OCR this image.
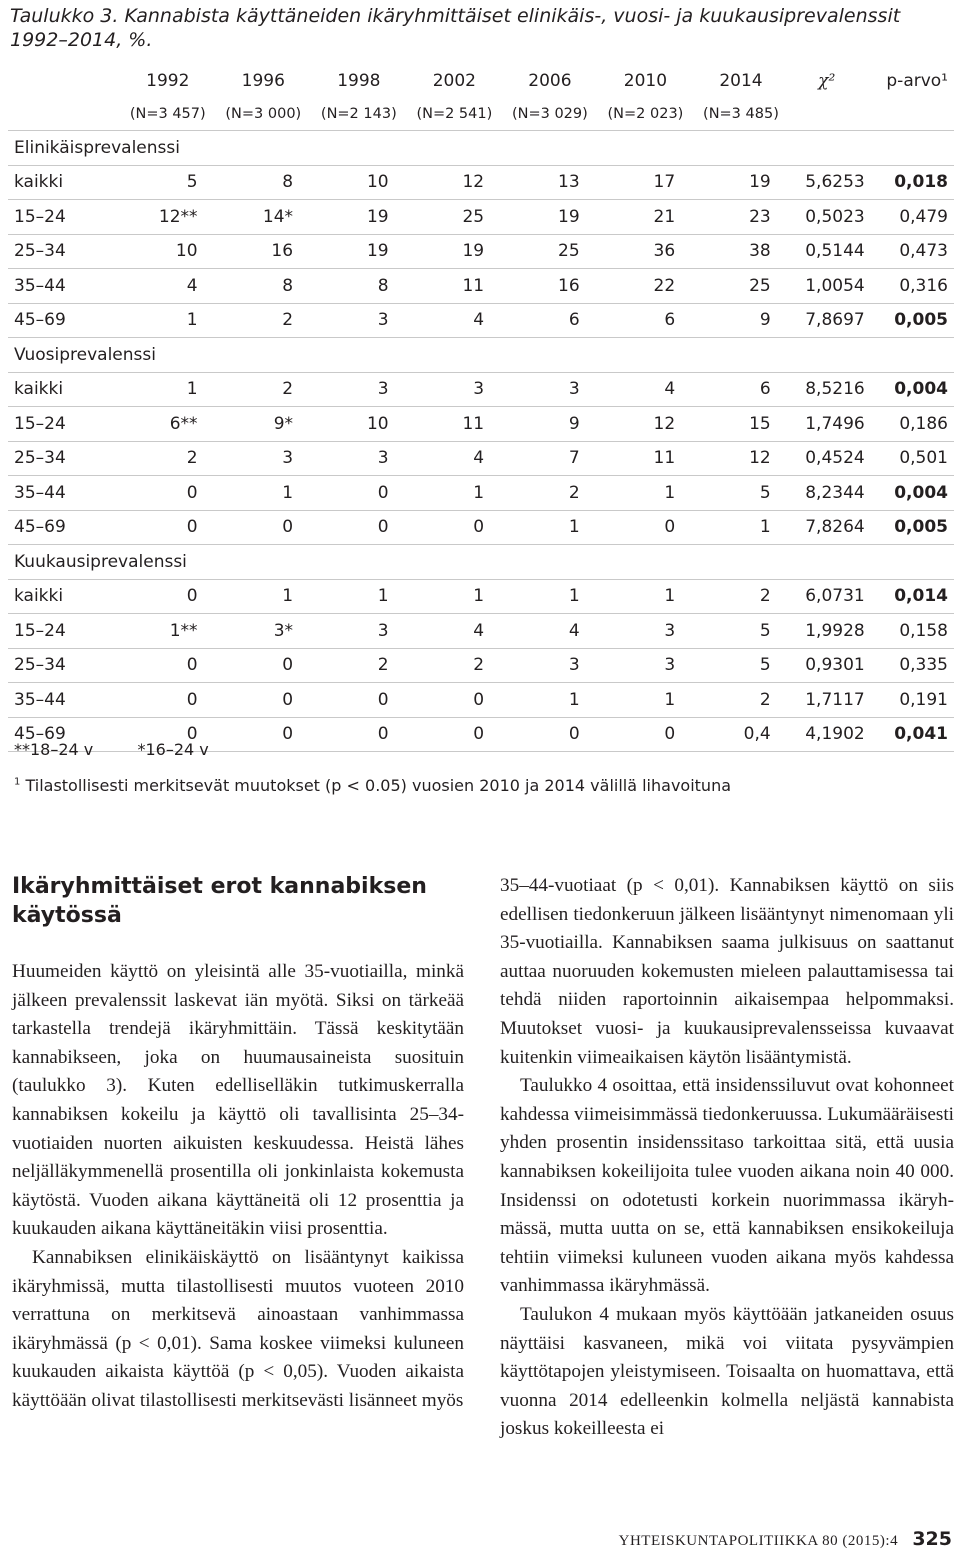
Taulukko 3. Kannabista käyttäneiden ikäryhmittäiset elinikäis-, vuosi- ja kuukausiprevalenssit 1992–2014, %.
	1992	1996	1998	2002	2006	2010	2014	χ²	p-arvo¹
	(N=3 457)	(N=3 000)	(N=2 143)	(N=2 541)	(N=3 029)	(N=2 023)	(N=3 485)		
Elinikäisprevalenssi									
kaikki	5	8	10	12	13	17	19	5,6253	0,018
15–24	12**	14*	19	25	19	21	23	0,5023	0,479
25–34	10	16	19	19	25	36	38	0,5144	0,473
35–44	4	8	8	11	16	22	25	1,0054	0,316
45–69	1	2	3	4	6	6	9	7,8697	0,005
Vuosiprevalenssi									
kaikki	1	2	3	3	3	4	6	8,5216	0,004
15–24	6**	9*	10	11	9	12	15	1,7496	0,186
25–34	2	3	3	4	7	11	12	0,4524	0,501
35–44	0	1	0	1	2	1	5	8,2344	0,004
45–69	0	0	0	0	1	0	1	7,8264	0,005
Kuukausiprevalenssi									
kaikki	0	1	1	1	1	1	2	6,0731	0,014
15–24	1**	3*	3	4	4	3	5	1,9928	0,158
25–34	0	0	2	2	3	3	5	0,9301	0,335
35–44	0	0	0	0	1	1	2	1,7117	0,191
45–69	0	0	0	0	0	0	0,4	4,1902	0,041
**18–24 v	*16–24 v
$^1$ Tilastollisesti merkitsevät muutokset (p < 0.05) vuosien 2010 ja 2014 välillä lihavoituna
Ikäryhmittäiset erot kannabiksen käytössä

Huumeiden käyttö on yleisintä alle 35-vuotiailla, minkä jälkeen prevalenssit laskevat iän myötä. Siksi on tärkeää tarkastella trendejä ikäryhmittäin. Tässä keskitytään kannabikseen, joka on huumausaineista suosituin (taulukko 3). Kuten edelliselläkin tutkimuskerralla kannabiksen kokeilu ja käyttö oli tavallisinta 25–34-vuotiaiden nuorten aikuisten keskuudessa. Heistä lähes neljälläkymmenellä prosentilla oli jonkinlaista kokemusta käytöstä. Vuoden aikana käyttäneitä oli 12 prosenttia ja kuukauden aikana käyttäneitäkin viisi prosenttia.

Kannabiksen elinikäiskäyttö on lisääntynyt kaikissa ikäryhmissä, mutta tilastollisesti muutos vuoteen 2010 verrattuna on merkitsevä ainoastaan vanhimmassa ikäryhmässä (p < 0,01). Sama koskee viimeksi kuluneen kuukauden aikaista käyttöä (p < 0,05). Vuoden aikaista käyttöään olivat tilastollisesti merkitsevästi lisänneet myös

35–44-vuotiaat (p < 0,01). Kannabiksen käyttö on siis edellisen tiedonkeruun jälkeen lisääntynyt nimenomaan yli 35-vuotiailla. Kannabiksen saama julkisuus on saattanut auttaa nuoruuden kokemusten mieleen palauttamisessa tai tehdä niiden raportoinnin aikaisempaa helpommaksi. Muutokset vuosi- ja kuukausiprevalensseissa kuvaavat kuitenkin viimeaikaisen käytön lisääntymistä.

Taulukko 4 osoittaa, että insidenssiluvut ovat kohonneet kahdessa viimeisimmässä tiedonkeruussa. Lukumääräisesti yhden prosentin insidenssitaso tarkoittaa sitä, että uusia kannabiksen kokeilijoita tulee vuoden aikana noin 40 000. Insidenssi on odotetusti korkein nuorimmassa ikäryhmässä, mutta uutta on se, että kannabiksen ensikokeiluja tehtiin viimeksi kuluneen vuoden aikana myös kahdessa vanhimmassa ikäryhmässä.

Taulukon 4 mukaan myös käyttöään jatkaneiden osuus näyttäisi kasvaneen, mikä voi viitata pysyvämpien käyttötapojen yleistymiseen. Toisaalta on huomattava, että vuonna 2014 edelleenkin kolmella neljästä kannabista joskus kokeilleesta ei

YHTEISKUNTAPOLITIIKKA 80 (2015):4 325
